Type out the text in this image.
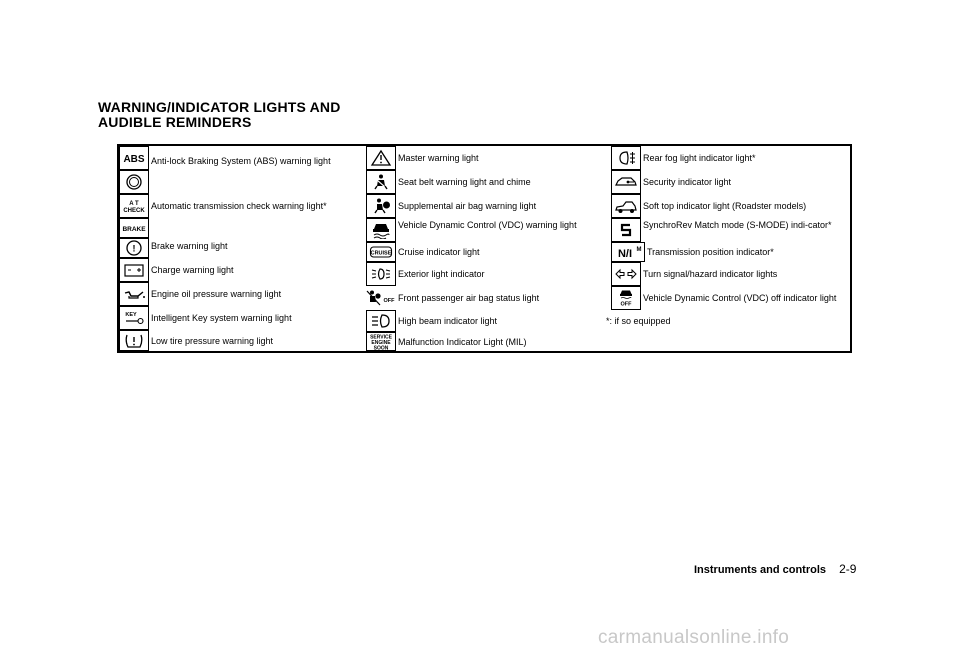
WARNING/INDICATOR LIGHTS AND
AUDIBLE REMINDERS
ABS Anti-lock Braking System (ABS) warning light
A T
CHECK Automatic transmission check warning light*
BRAKE
Brake warning light
!
Charge warning light
Engine oil pressure warning light
KEY Intelligent Key system warning light
Low tire pressure warning light
Master warning light
Seat belt warning light and chime
Supplemental air bag warning light
Vehicle Dynamic Control (VDC) warning light
CRUISE Cruise indicator light
Exterior light indicator
OFF Front passenger air bag status light
High beam indicator light
SERVICE
ENGINE
SOON
Malfunction Indicator Light (MIL)
Rear fog light indicator light*
Security indicator light
Soft top indicator light (Roadster models)
SynchroRev Match mode (S-MODE) indi-cator*
N/I M Transmission position indicator*
Turn signal/hazard indicator lights
OFF
Vehicle Dynamic Control (VDC) off indicator light
*: if so equipped
Instruments and controls 2-9
carmanualsonline.info
